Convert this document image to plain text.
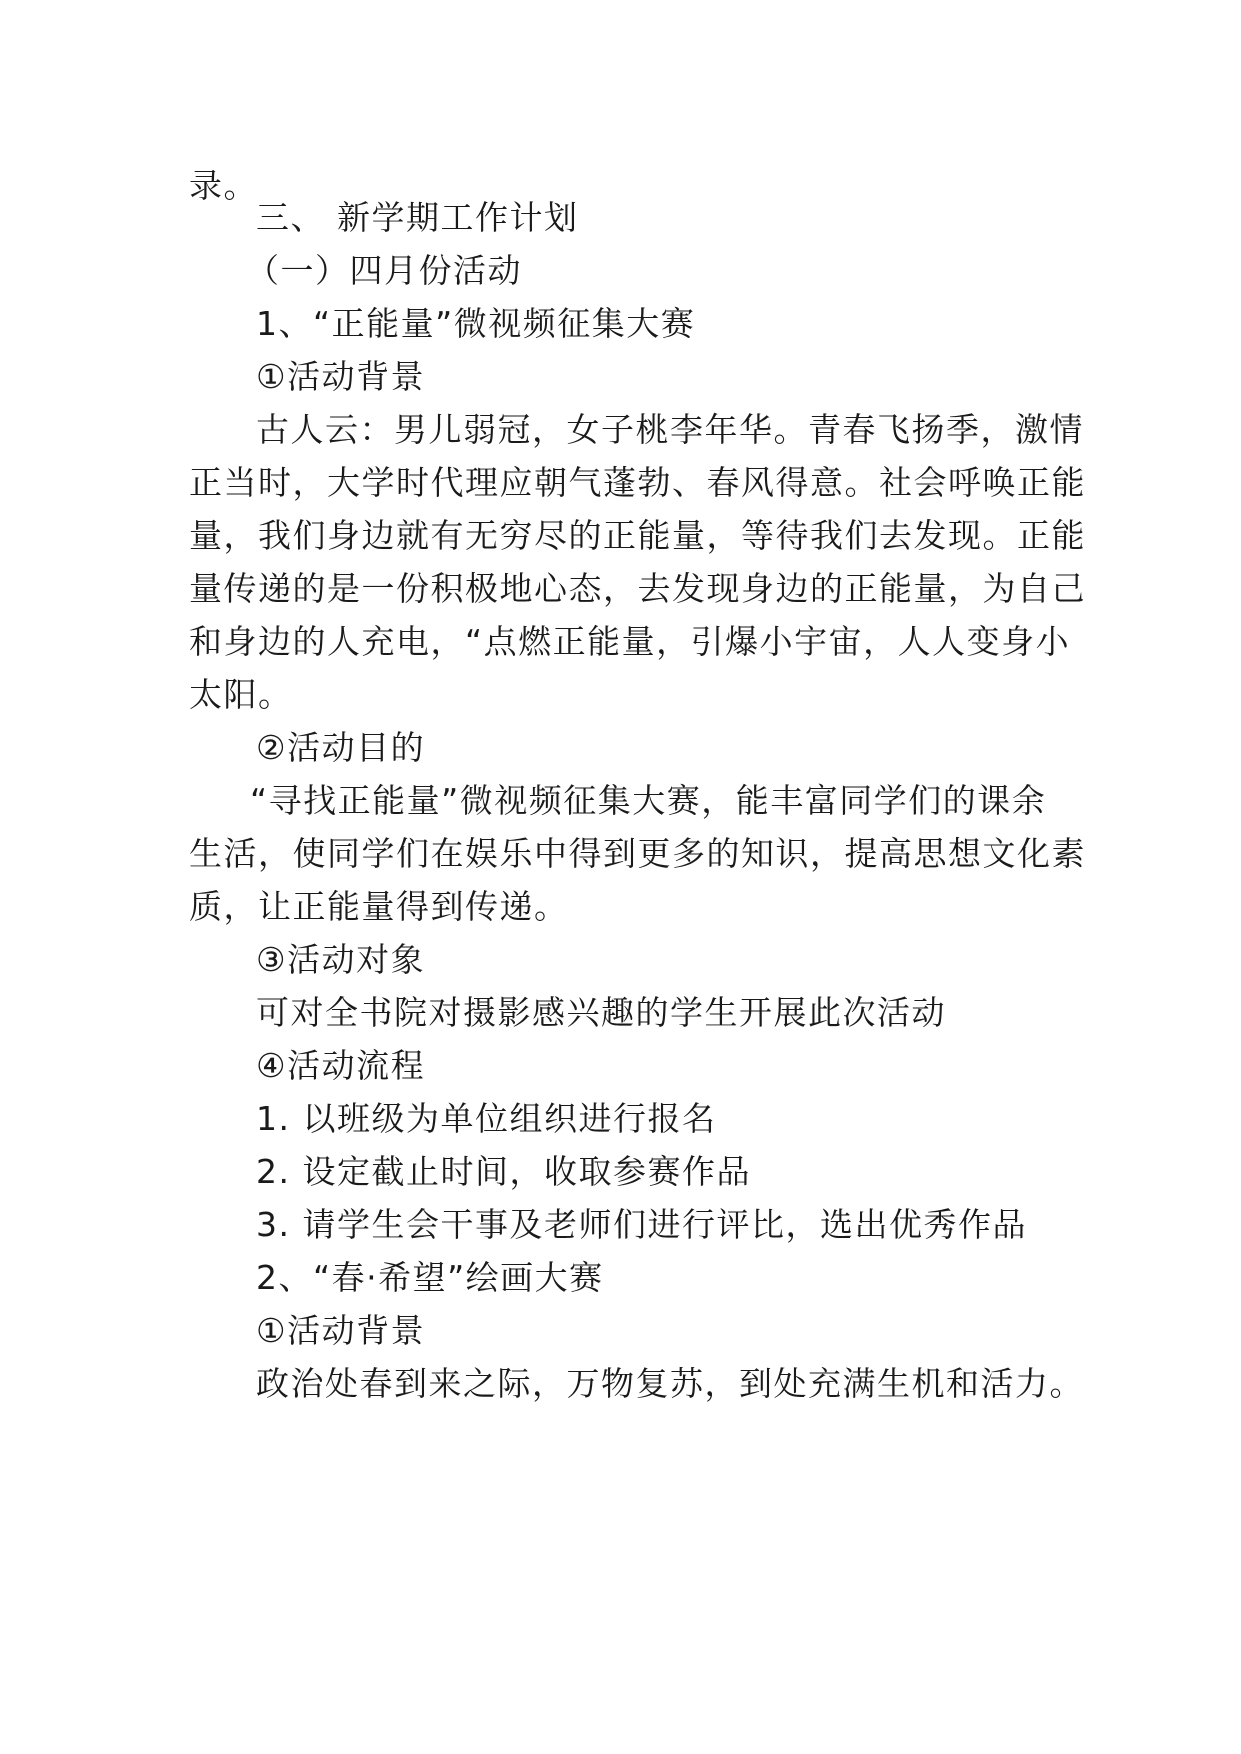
录。
三、 新学期工作计划
（一）四月份活动
1、“正能量”微视频征集大赛
①活动背景
古人云：男儿弱冠，女子桃李年华。青春飞扬季，激情
正当时，大学时代理应朝气蓬勃、春风得意。社会呼唤正能
量，我们身边就有无穷尽的正能量，等待我们去发现。正能
量传递的是一份积极地心态，去发现身边的正能量，为自己
和身边的人充电，“点燃正能量，引爆小宇宙，人人变身小
太阳。
②活动目的
“寻找正能量”微视频征集大赛，能丰富同学们的课余
生活，使同学们在娱乐中得到更多的知识，提高思想文化素
质，让正能量得到传递。
③活动对象
可对全书院对摄影感兴趣的学生开展此次活动
④活动流程
1. 以班级为单位组织进行报名
2. 设定截止时间，收取参赛作品
3. 请学生会干事及老师们进行评比，选出优秀作品
2、“春·希望”绘画大赛
①活动背景
政治处春到来之际，万物复苏，到处充满生机和活力。
